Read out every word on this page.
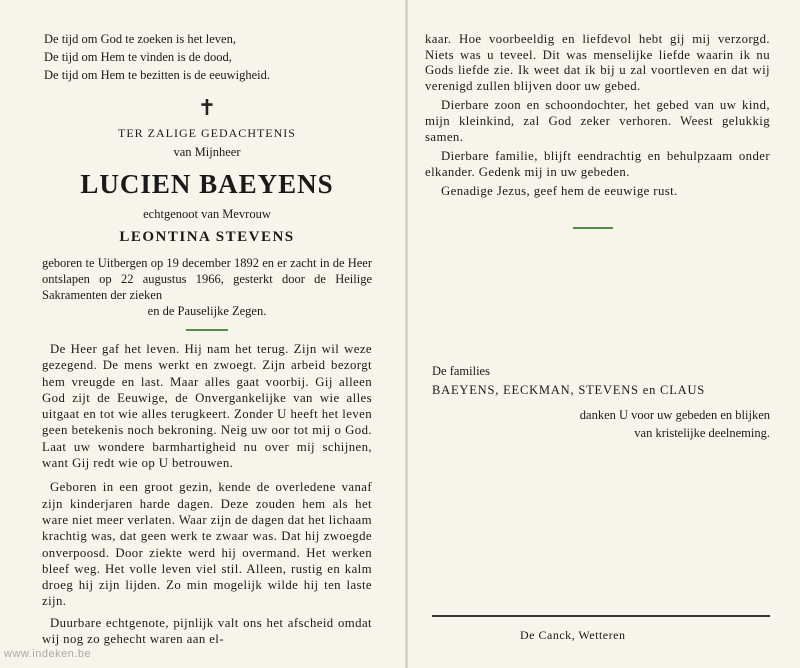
De tijd om God te zoeken is het leven,
De tijd om Hem te vinden is de dood,
De tijd om Hem te bezitten is de eeuwigheid.
✝
TER ZALIGE GEDACHTENIS
van Mijnheer
LUCIEN BAEYENS
echtgenoot van Mevrouw
LEONTINA STEVENS
geboren te Uitbergen op 19 december 1892 en er zacht in de Heer ontslapen op 22 augustus 1966, gesterkt door de Heilige Sakramenten der zieken
en de Pauselijke Zegen.

De Heer gaf het leven. Hij nam het terug. Zijn wil weze gezegend. De mens werkt en zwoegt. Zijn arbeid bezorgt hem vreugde en last. Maar alles gaat voorbij. Gij alleen God zijt de Eeuwige, de Onvergankelijke van wie alles uitgaat en tot wie alles terugkeert. Zonder U heeft het leven geen betekenis noch bekroning. Neig uw oor tot mij o God. Laat uw wondere barmhartigheid nu over mij schijnen, want Gij redt wie op U betrouwen.

Geboren in een groot gezin, kende de overledene vanaf zijn kinderjaren harde dagen. Deze zouden hem als het ware niet meer verlaten. Waar zijn de dagen dat het lichaam krachtig was, dat geen werk te zwaar was. Dat hij zwoegde onverpoosd. Door ziekte werd hij overmand. Het werken bleef weg. Het volle leven viel stil. Alleen, rustig en kalm droeg hij zijn lijden. Zo min mogelijk wilde hij ten laste zijn.

Duurbare echtgenote, pijnlijk valt ons het afscheid omdat wij nog zo gehecht waren aan el-

kaar. Hoe voorbeeldig en liefdevol hebt gij mij verzorgd. Niets was u teveel. Dit was menselijke liefde waarin ik nu Gods liefde zie. Ik weet dat ik bij u zal voortleven en dat wij verenigd zullen blijven door uw gebed.

Dierbare zoon en schoondochter, het gebed van uw kind, mijn kleinkind, zal God zeker verhoren. Weest gelukkig samen.

Dierbare familie, blijft eendrachtig en behulpzaam onder elkander. Gedenk mij in uw gebeden.

Genadige Jezus, geef hem de eeuwige rust.
De families
BAEYENS, EECKMAN, STEVENS en CLAUS
danken U voor uw gebeden en blijken
van kristelijke deelneming.
De Canck, Wetteren
www.indeken.be
